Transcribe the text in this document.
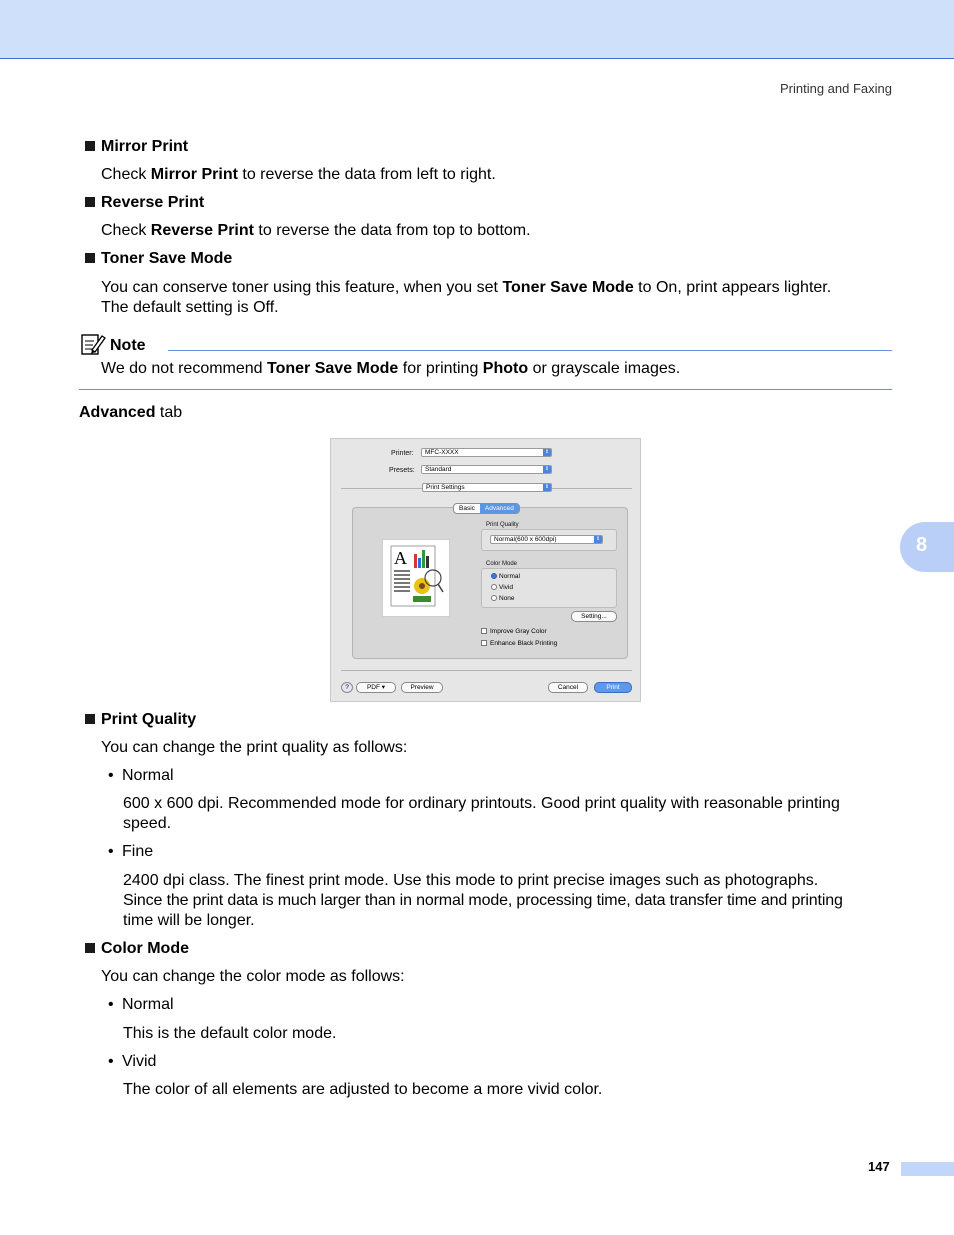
Printing and Faxing
Mirror Print
Check Mirror Print to reverse the data from left to right.
Reverse Print
Check Reverse Print to reverse the data from top to bottom.
Toner Save Mode
You can conserve toner using this feature, when you set Toner Save Mode to On, print appears lighter.
The default setting is Off.
Note
We do not recommend Toner Save Mode for printing Photo or grayscale images.
Advanced tab
Printer:	MFC-XXXX	⇕
Presets:	Standard	⇕
Print Settings	⇕
Basic	Advanced
A
Print Quality
Normal(600 x 600dpi)	⇕
Color Mode
Normal
Vivid
None
Setting...
Improve Gray Color
Enhance Black Printing
?	PDF ▾	Preview	Cancel	Print
Print Quality
You can change the print quality as follows:
• Normal
600 x 600 dpi. Recommended mode for ordinary printouts. Good print quality with reasonable printing
speed.
• Fine
2400 dpi class. The finest print mode. Use this mode to print precise images such as photographs.
Since the print data is much larger than in normal mode, processing time, data transfer time and printing
time will be longer.
Color Mode
You can change the color mode as follows:
• Normal
This is the default color mode.
• Vivid
The color of all elements are adjusted to become a more vivid color.
8
147
